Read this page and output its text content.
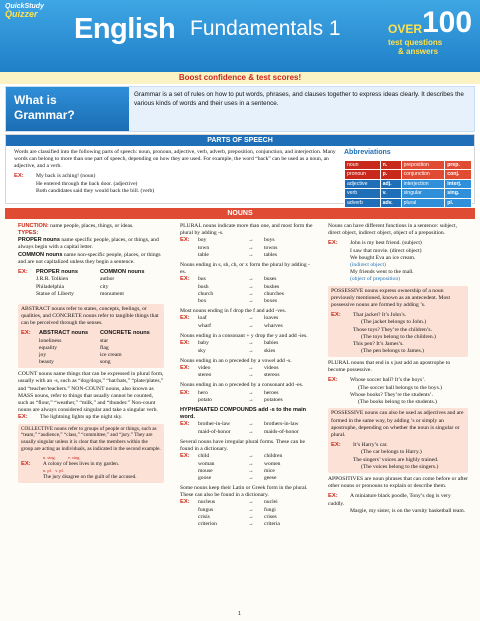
QuickStudy
Quizzer	English Fundamentals 1	OVER 100
test questions
& answers
Boost confidence & test scores!
What is
Grammar?
Grammar is a set of rules on how to put words, phrases, and clauses together to express ideas clearly. It describes the various kinds of words and their uses in a sentence.
PARTS OF SPEECH

Words are classified into the following parts of speech: noun, pronoun, adjective, verb, adverb, preposition, conjunction, and interjection. Many words can belong to more than one part of speech, depending on how they are used. For example, the word “back” can be used as a noun, an adjective, and a verb.

EX: My back is aching! (noun)
He entered through the back door. (adjective)
Both candidates said they would back the bill. (verb)
Abbreviations
noun	n.	preposition	prep.
pronoun	p.	conjunction	conj.
adjective	adj.	interjection	interj.
verb	v.	singular	sing.
adverb	adv.	plural	pl.
NOUNS

FUNCTION: name people, places, things, or ideas.

TYPES:

PROPER nouns name specific people, places, or things, and always begin with a capital letter.

COMMON nouns name non-specific people, places, or things and are not capitalized unless they begin a sentence.

EX:	PROPER nouns	COMMON nouns
J.R.R. Tolkien	author
Philadelphia	city
Statue of Liberty	monument

ABSTRACT nouns refer to states, concepts, feelings, or qualities, and CONCRETE nouns refer to tangible things that can be perceived through the senses.

EX:	ABSTRACT nouns	CONCRETE nouns
loneliness	star
equality	flag
joy	ice cream
beauty	song

COUNT nouns name things that can be expressed in plural form, usually with an -s, such as “dog/dogs,” “hat/hats,” “plate/plates,” and “teacher/teachers.” NON-COUNT nouns, also known as MASS nouns, refer to things that usually cannot be counted, such as “flour,” “weather,” “milk,” and “thunder.” Non-count nouns are always considered singular and take a singular verb.

EX: The lightning lights up the night sky.

COLLECTIVE nouns refer to groups of people or things, such as “team,” “audience,” “class,” “committee,” and “jury.” They are usually singular unless it is clear that the members within the group are acting as individuals, as indicated in the second example.

n. sing.	v. sing.
EX: A colony of bees lives in my garden.
n. pl. v. pl.
The jury disagree on the guilt of the accused.

PLURAL nouns indicate more than one, and most form the plural by adding -s.

EX:	boy	→	boys
town	→	towns
table	→	tables

Nouns ending in s, sh, ch, or x form the plural by adding -es.

EX:	bus	→	buses
bush	→	bushes
church	→	churches
box	→	boxes

Most nouns ending in f drop the f and add -ves.

EX:	loaf	→	loaves
wharf	→	wharves

Nouns ending in a consonant + y drop the y and add -ies.

EX:	baby	→	babies
sky	→	skies

Nouns ending in an o preceded by a vowel add -s.

EX:	video	→	videos
stereo	→	stereos

Nouns ending in an o preceded by a consonant add -es.

EX:	hero	→	heroes
potato	→	potatoes

HYPHENATED COMPOUNDS add -s to the main word.

EX:	brother-in-law	→	brothers-in-law
maid-of-honor	→	maids-of-honor

Several nouns have irregular plural forms. These can be found in a dictionary.

EX:	child	→	children
woman	→	women
mouse	→	mice
goose	→	geese

Some nouns keep their Latin or Greek form in the plural. These can also be found in a dictionary.

EX:	nucleus	→	nuclei
fungus	→	fungi
crisis	→	crises
criterion	→	criteria

Nouns can have different functions in a sentence: subject, direct object, indirect object, object of a preposition.

EX: John is my best friend. (subject)
I saw that movie. (direct object)
We bought Eva an ice cream.
(indirect object)
My friends went to the mall.
(object of preposition)

POSSESSIVE nouns express ownership of a noun previously mentioned, known as an antecedent. Most possessive nouns are formed by adding ’s.

EX: That jacket? It’s John’s.
(The jacket belongs to John.)
Those toys? They’re the children’s.
(The toys belong to the children.)
This pen? It’s James’s.
(The pen belongs to James.)

PLURAL nouns that end in s just add an apostrophe to become possessive.

EX: Whose soccer ball? It’s the boys’.
(The soccer ball belongs to the boys.)
Whose books? They’re the students’.
(The books belong to the students.)

POSSESSIVE nouns can also be used as adjectives and are formed in the same way, by adding ’s or simply an apostrophe, depending on whether the noun is singular or plural.

EX: It’s Harry’s car.
(The car belongs to Harry.)
The singers’ voices are highly trained.
(The voices belong to the singers.)

APPOSITIVES are noun phrases that can come before or after other nouns or pronouns to explain or describe them.

EX: A miniature black poodle, Tony’s dog is very cuddly.
Margie, my sister, is on the varsity basketball team.
1
